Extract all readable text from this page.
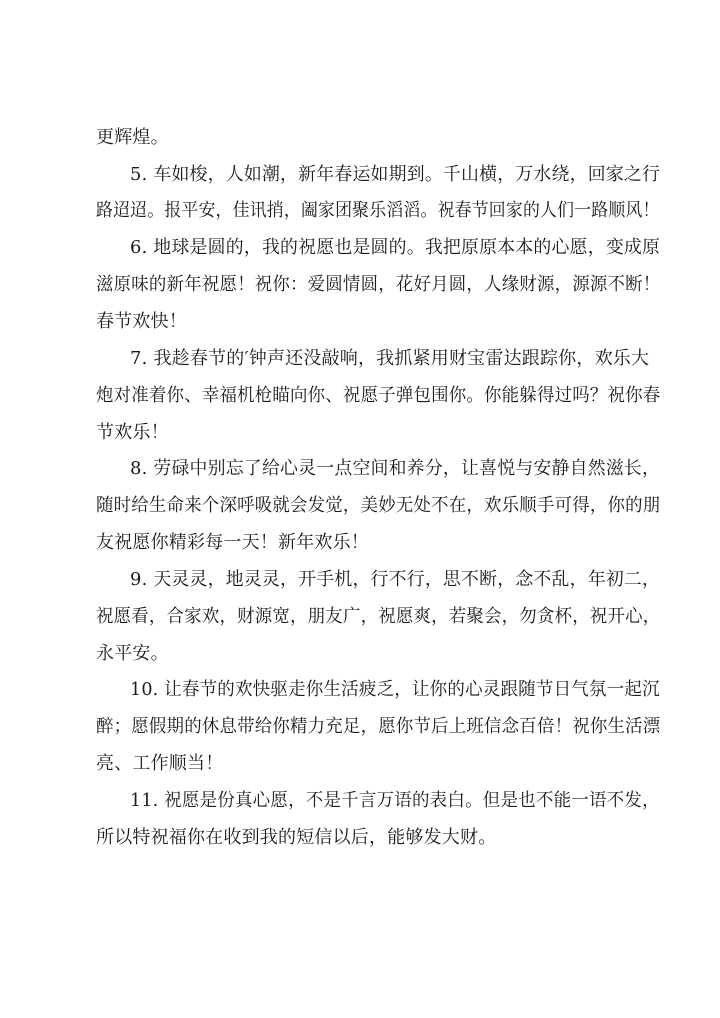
更辉煌。
5. 车如梭，人如潮，新年春运如期到。千山横，万水绕，回家之行
路迢迢。报平安，佳讯捎，阖家团聚乐滔滔。祝春节回家的人们一路顺风！
6. 地球是圆的，我的祝愿也是圆的。我把原原本本的心愿，变成原
滋原味的新年祝愿！祝你：爱圆情圆，花好月圆，人缘财源，源源不断！
春节欢快！
7. 我趁春节的′钟声还没敲响，我抓紧用财宝雷达跟踪你，欢乐大
炮对准着你、幸福机枪瞄向你、祝愿子弹包围你。你能躲得过吗？祝你春
节欢乐！
8. 劳碌中别忘了给心灵一点空间和养分，让喜悦与安静自然滋长，
随时给生命来个深呼吸就会发觉，美妙无处不在，欢乐顺手可得，你的朋
友祝愿你精彩每一天！新年欢乐！
9. 天灵灵，地灵灵，开手机，行不行，思不断，念不乱，年初二，
祝愿看，合家欢，财源宽，朋友广，祝愿爽，若聚会，勿贪杯，祝开心，
永平安。
10. 让春节的欢快驱走你生活疲乏，让你的心灵跟随节日气氛一起沉
醉；愿假期的休息带给你精力充足，愿你节后上班信念百倍！祝你生活漂
亮、工作顺当！
11. 祝愿是份真心愿，不是千言万语的表白。但是也不能一语不发，
所以特祝福你在收到我的短信以后，能够发大财。
